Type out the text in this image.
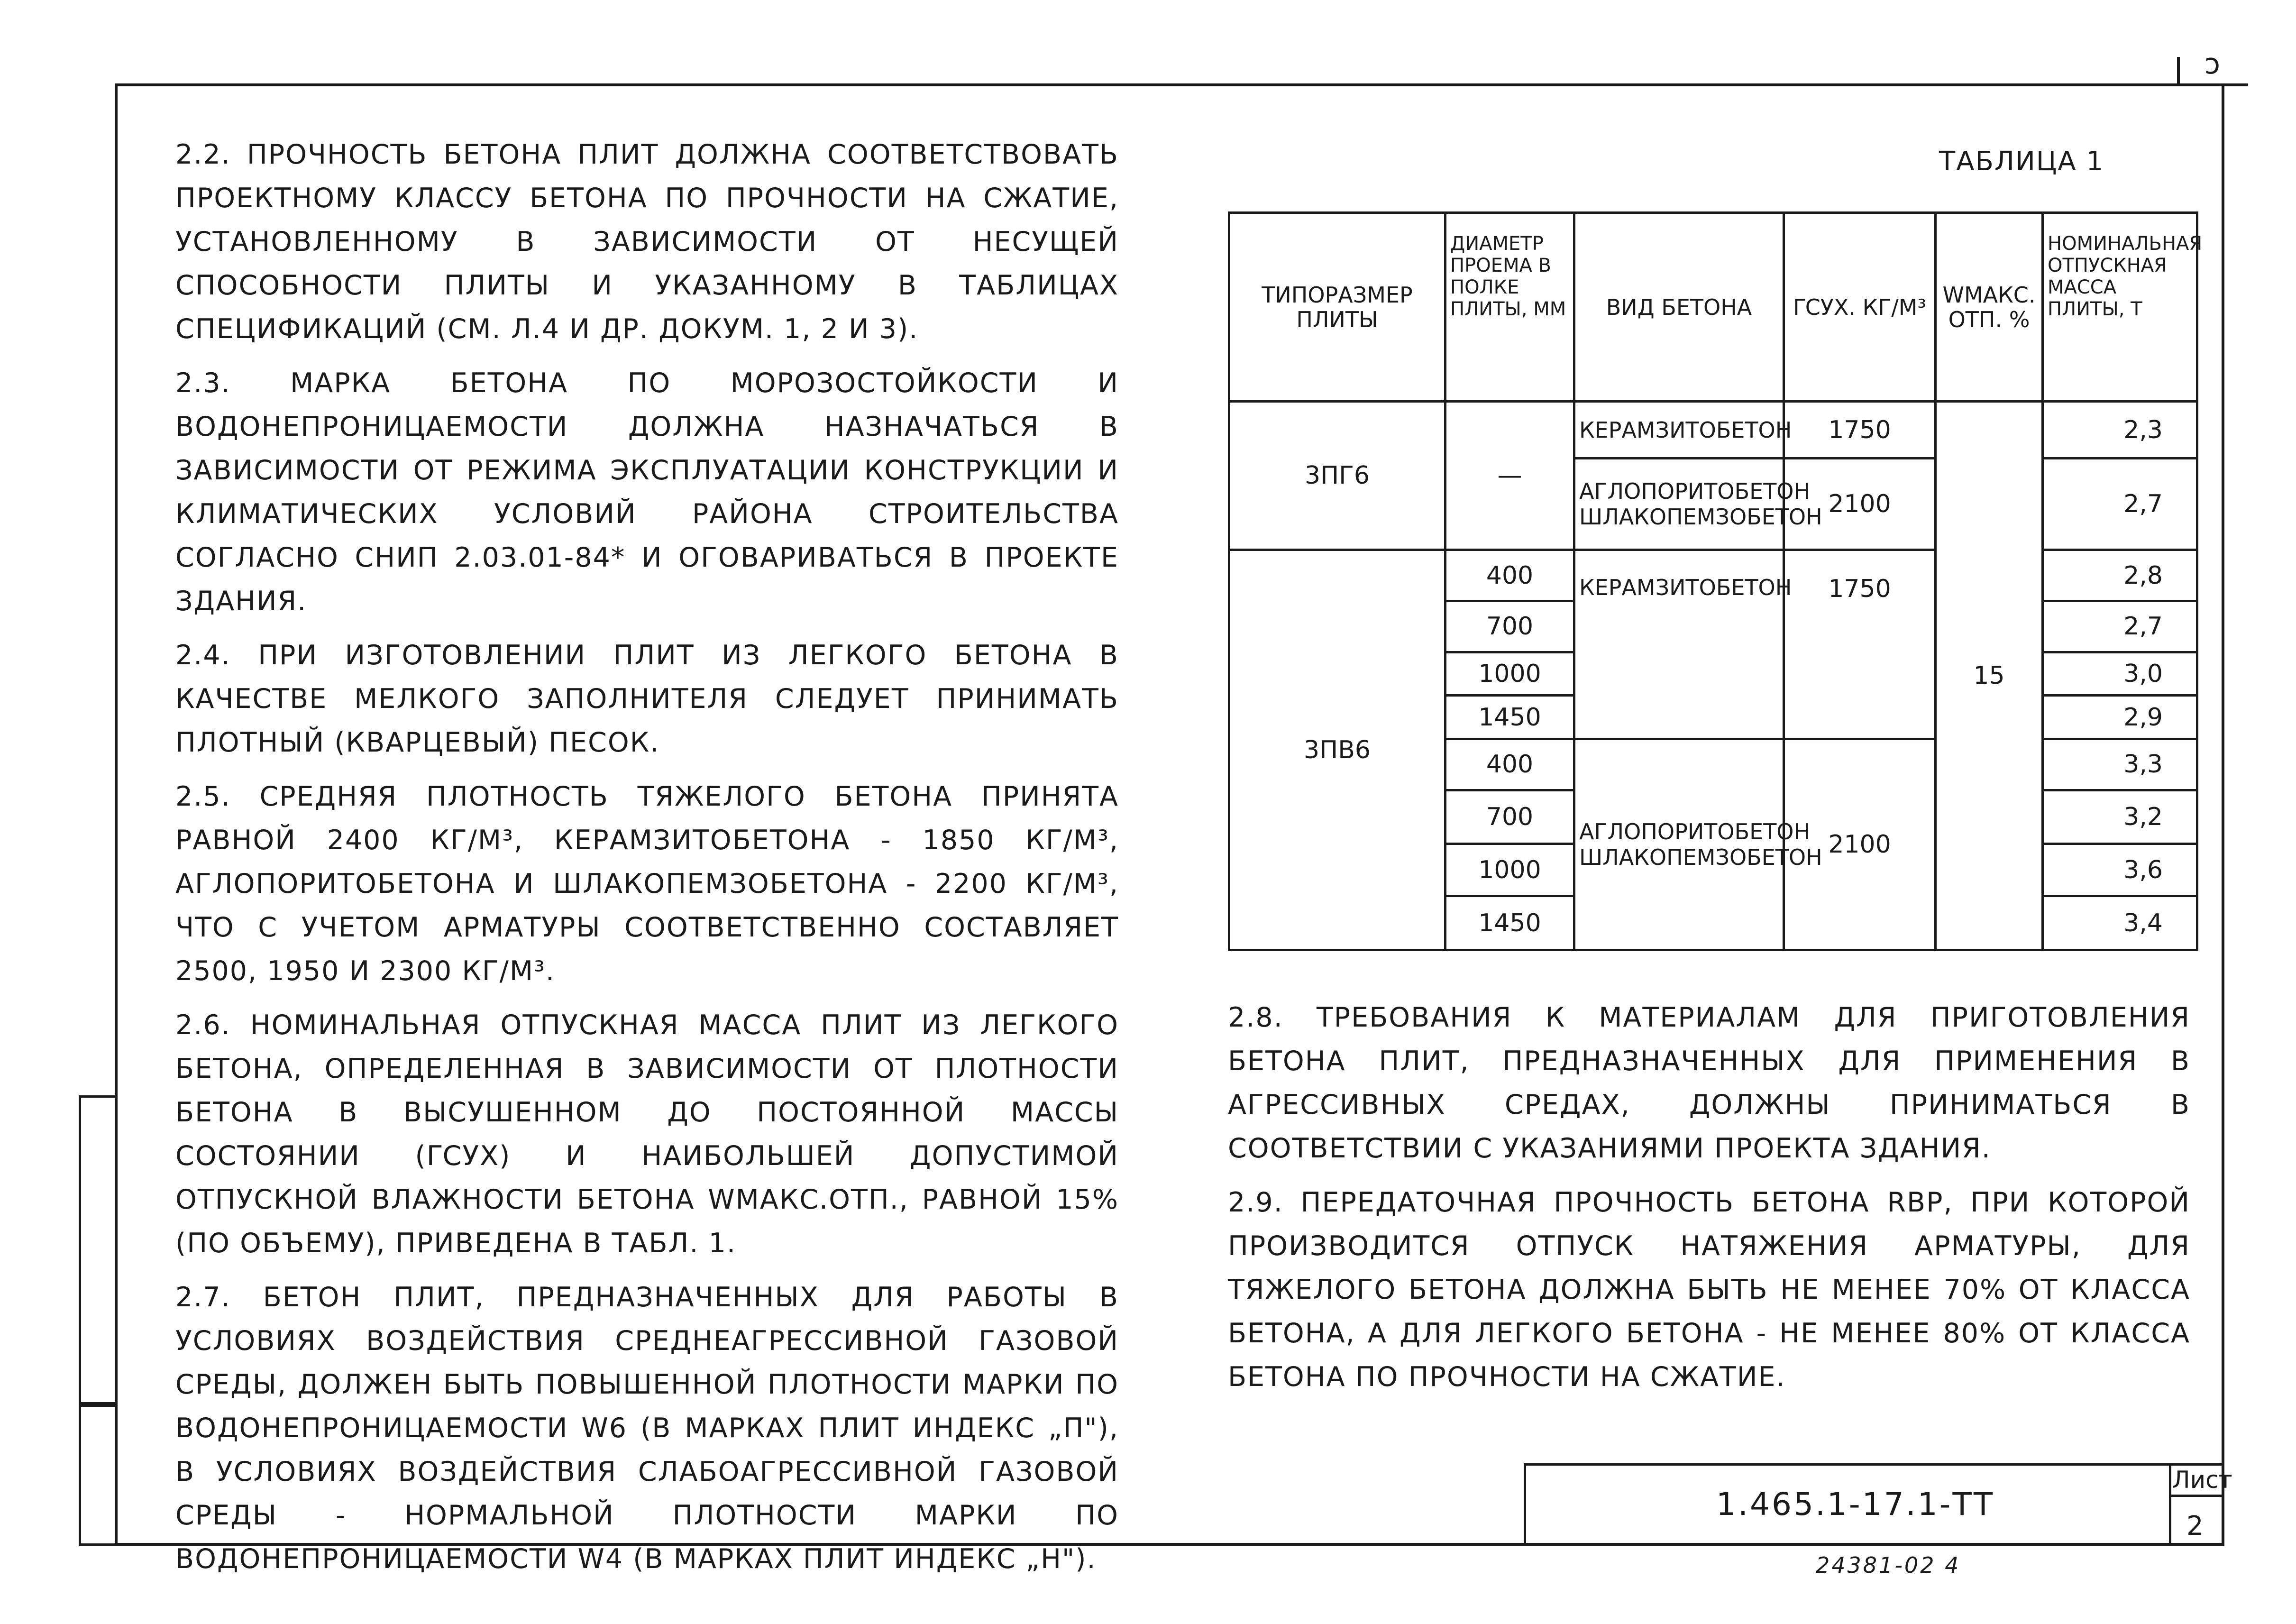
ɔ

2.2. ПРОЧНОСТЬ БЕТОНА ПЛИТ ДОЛЖНА СООТВЕТСТВОВАТЬ ПРОЕКТНОМУ КЛАССУ БЕТОНА ПО ПРОЧНОСТИ НА СЖАТИЕ, УСТАНОВЛЕННОМУ В ЗАВИСИМОСТИ ОТ НЕСУЩЕЙ СПОСОБНОСТИ ПЛИТЫ И УКАЗАННОМУ В ТАБЛИЦАХ СПЕЦИФИКАЦИЙ (СМ. Л.4 И ДР. ДОКУМ. 1, 2 И 3).

2.3. МАРКА БЕТОНА ПО МОРОЗОСТОЙКОСТИ И ВОДОНЕПРОНИЦАЕМОСТИ ДОЛЖНА НАЗНАЧАТЬСЯ В ЗАВИСИМОСТИ ОТ РЕЖИМА ЭКСПЛУАТАЦИИ КОНСТРУКЦИИ И КЛИМАТИЧЕСКИХ УСЛОВИЙ РАЙОНА СТРОИТЕЛЬСТВА СОГЛАСНО СНИП 2.03.01-84* И ОГОВАРИВАТЬСЯ В ПРОЕКТЕ ЗДАНИЯ.

2.4. ПРИ ИЗГОТОВЛЕНИИ ПЛИТ ИЗ ЛЕГКОГО БЕТОНА В КАЧЕСТВЕ МЕЛКОГО ЗАПОЛНИТЕЛЯ СЛЕДУЕТ ПРИНИМАТЬ ПЛОТНЫЙ (КВАРЦЕВЫЙ) ПЕСОК.

2.5. СРЕДНЯЯ ПЛОТНОСТЬ ТЯЖЕЛОГО БЕТОНА ПРИНЯТА РАВНОЙ 2400 КГ/М³, КЕРАМЗИТОБЕТОНА - 1850 КГ/М³, АГЛОПОРИТОБЕТОНА И ШЛАКОПЕМЗОБЕТОНА - 2200 КГ/М³, ЧТО С УЧЕТОМ АРМАТУРЫ СООТВЕТСТВЕННО СОСТАВЛЯЕТ 2500, 1950 И 2300 КГ/М³.

2.6. НОМИНАЛЬНАЯ ОТПУСКНАЯ МАССА ПЛИТ ИЗ ЛЕГКОГО БЕТОНА, ОПРЕДЕЛЕННАЯ В ЗАВИСИМОСТИ ОТ ПЛОТНОСТИ БЕТОНА В ВЫСУШЕННОМ ДО ПОСТОЯННОЙ МАССЫ СОСТОЯНИИ (ΓСУХ) И НАИБОЛЬШЕЙ ДОПУСТИМОЙ ОТПУСКНОЙ ВЛАЖНОСТИ БЕТОНА WМАКС.ОТП., РАВНОЙ 15% (ПО ОБЪЕМУ), ПРИВЕДЕНА В ТАБЛ. 1.

2.7. БЕТОН ПЛИТ, ПРЕДНАЗНАЧЕННЫХ ДЛЯ РАБОТЫ В УСЛОВИЯХ ВОЗДЕЙСТВИЯ СРЕДНЕАГРЕССИВНОЙ ГАЗОВОЙ СРЕДЫ, ДОЛЖЕН БЫТЬ ПОВЫШЕННОЙ ПЛОТНОСТИ МАРКИ ПО ВОДОНЕПРОНИЦАЕМОСТИ W6 (В МАРКАХ ПЛИТ ИНДЕКС „П"), В УСЛОВИЯХ ВОЗДЕЙСТВИЯ СЛАБОАГРЕССИВНОЙ ГАЗОВОЙ СРЕДЫ - НОРМАЛЬНОЙ ПЛОТНОСТИ МАРКИ ПО ВОДОНЕПРОНИЦАЕМОСТИ W4 (В МАРКАХ ПЛИТ ИНДЕКС „Н").

ТАБЛИЦА 1
ТИПОРАЗМЕР ПЛИТЫ	ДИАМЕТР ПРОЕМА В ПОЛКЕ ПЛИТЫ, ММ	ВИД БЕТОНА	ΓСУХ. КГ/М³	WМАКС. ОТП. %	НОМИНАЛЬНАЯ ОТПУСКНАЯ МАССА ПЛИТЫ, Т
3ПГ6	—	КЕРАМЗИТОБЕТОН	1750	15	2,3
		АГЛОПОРИТОБЕТОН ШЛАКОПЕМЗОБЕТОН	2100		2,7
3ПВ6	400	КЕРАМЗИТОБЕТОН	1750		2,8
	700				2,7
	1000				3,0
	1450				2,9
	400	АГЛОПОРИТОБЕТОН ШЛАКОПЕМЗОБЕТОН	2100		3,3
	700				3,2
	1000				3,6
	1450				3,4

2.8. ТРЕБОВАНИЯ К МАТЕРИАЛАМ ДЛЯ ПРИГОТОВЛЕНИЯ БЕТОНА ПЛИТ, ПРЕДНАЗНАЧЕННЫХ ДЛЯ ПРИМЕНЕНИЯ В АГРЕССИВНЫХ СРЕДАХ, ДОЛЖНЫ ПРИНИМАТЬСЯ В СООТВЕТСТВИИ С УКАЗАНИЯМИ ПРОЕКТА ЗДАНИЯ.

2.9. ПЕРЕДАТОЧНАЯ ПРОЧНОСТЬ БЕТОНА RВР, ПРИ КОТОРОЙ ПРОИЗВОДИТСЯ ОТПУСК НАТЯЖЕНИЯ АРМАТУРЫ, ДЛЯ ТЯЖЕЛОГО БЕТОНА ДОЛЖНА БЫТЬ НЕ МЕНЕЕ 70% ОТ КЛАССА БЕТОНА, А ДЛЯ ЛЕГКОГО БЕТОНА - НЕ МЕНЕЕ 80% ОТ КЛАССА БЕТОНА ПО ПРОЧНОСТИ НА СЖАТИЕ.

1.465.1-17.1-ТТ
Лист
2
24381-02 4
